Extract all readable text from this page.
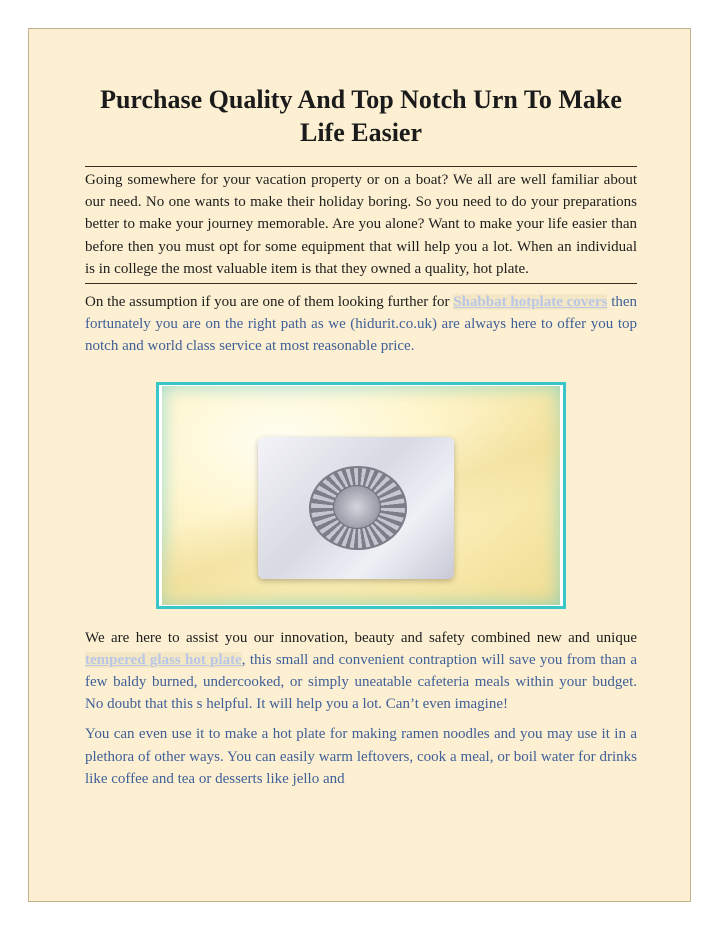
Purchase Quality And Top Notch Urn To Make Life Easier

Going somewhere for your vacation property or on a boat? We all are well familiar about our need. No one wants to make their holiday boring. So you need to do your preparations better to make your journey memorable. Are you alone? Want to make your life easier than before then you must opt for some equipment that will help you a lot. When an individual is in college the most valuable item is that they owned a quality, hot plate.

On the assumption if you are one of them looking further for Shabbat hotplate covers then fortunately you are on the right path as we (hidurit.co.uk) are always here to offer you top notch and world class service at most reasonable price.

We are here to assist you our innovation, beauty and safety combined new and unique tempered glass hot plate, this small and convenient contraption will save you from than a few baldy burned, undercooked, or simply uneatable cafeteria meals within your budget. No doubt that this s helpful. It will help you a lot. Can’t even imagine!

You can even use it to make a hot plate for making ramen noodles and you may use it in a plethora of other ways. You can easily warm leftovers, cook a meal, or boil water for drinks like coffee and tea or desserts like jello and
